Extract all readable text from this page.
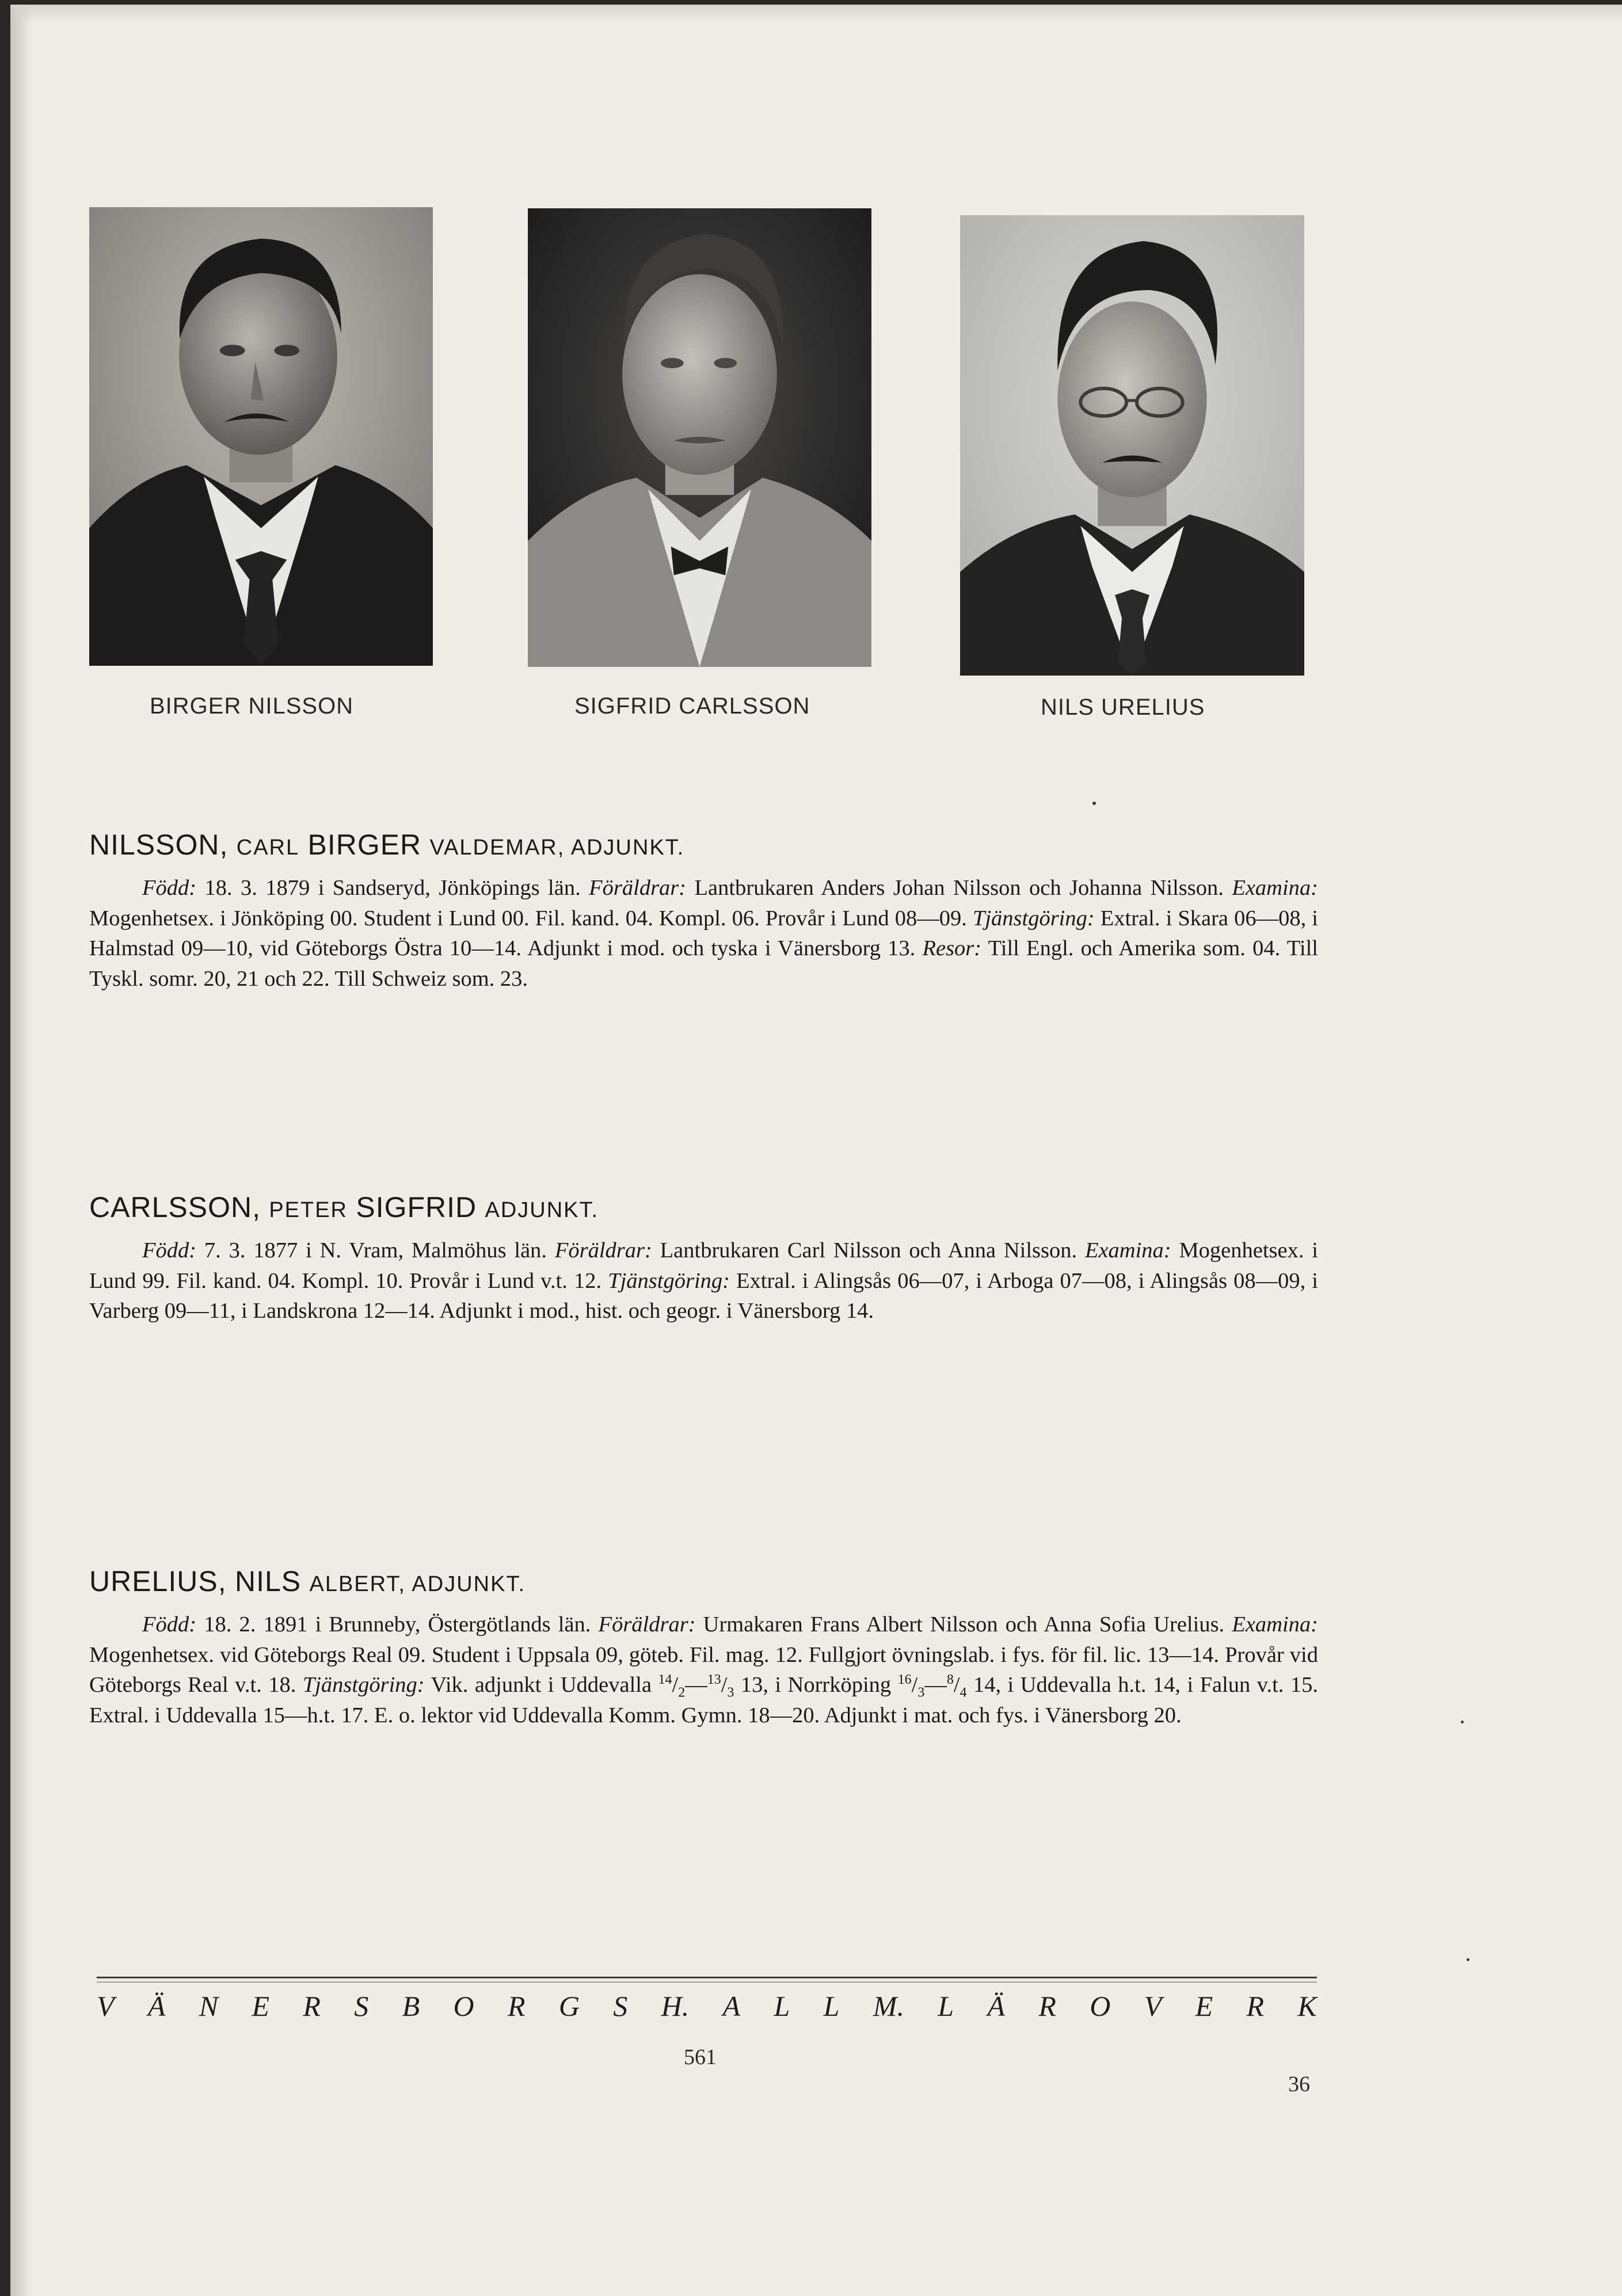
BIRGER NILSSON	SIGFRID CARLSSON	NILS URELIUS
NILSSON, CARL BIRGER VALDEMAR, ADJUNKT.

Född: 18. 3. 1879 i Sandseryd, Jönköpings län. Föräldrar: Lantbrukaren Anders Johan Nilsson och Johanna Nilsson. Examina: Mogenhetsex. i Jönköping 00. Student i Lund 00. Fil. kand. 04. Kompl. 06. Provår i Lund 08—09. Tjänstgöring: Extral. i Skara 06—08, i Halmstad 09—10, vid Göteborgs Östra 10—14. Adjunkt i mod. och tyska i Vänersborg 13. Resor: Till Engl. och Amerika som. 04. Till Tyskl. somr. 20, 21 och 22. Till Schweiz som. 23.

CARLSSON, PETER SIGFRID ADJUNKT.

Född: 7. 3. 1877 i N. Vram, Malmöhus län. Föräldrar: Lantbrukaren Carl Nilsson och Anna Nilsson. Examina: Mogenhetsex. i Lund 99. Fil. kand. 04. Kompl. 10. Provår i Lund v.t. 12. Tjänstgöring: Extral. i Alingsås 06—07, i Arboga 07—08, i Alingsås 08—09, i Varberg 09—11, i Landskrona 12—14. Adjunkt i mod., hist. och geogr. i Vänersborg 14.

URELIUS, NILS ALBERT, ADJUNKT.

Född: 18. 2. 1891 i Brunneby, Östergötlands län. Föräldrar: Urmakaren Frans Albert Nilsson och Anna Sofia Urelius. Examina: Mogenhetsex. vid Göteborgs Real 09. Student i Uppsala 09, göteb. Fil. mag. 12. Fullgjort övningslab. i fys. för fil. lic. 13—14. Provår vid Göteborgs Real v.t. 18. Tjänstgöring: Vik. adjunkt i Uddevalla $^{14}/_2—^{13}/_3$ 13, i Norrköping $^{16}/_3—^8/_4$ 14, i Uddevalla h.t. 14, i Falun v.t. 15. Extral. i Uddevalla 15—h.t. 17. E. o. lektor vid Uddevalla Komm. Gymn. 18—20. Adjunkt i mat. och fys. i Vänersborg 20.

V Ä N E R S B O R G S H. A L L M. L Ä R O V E R K
561
36
